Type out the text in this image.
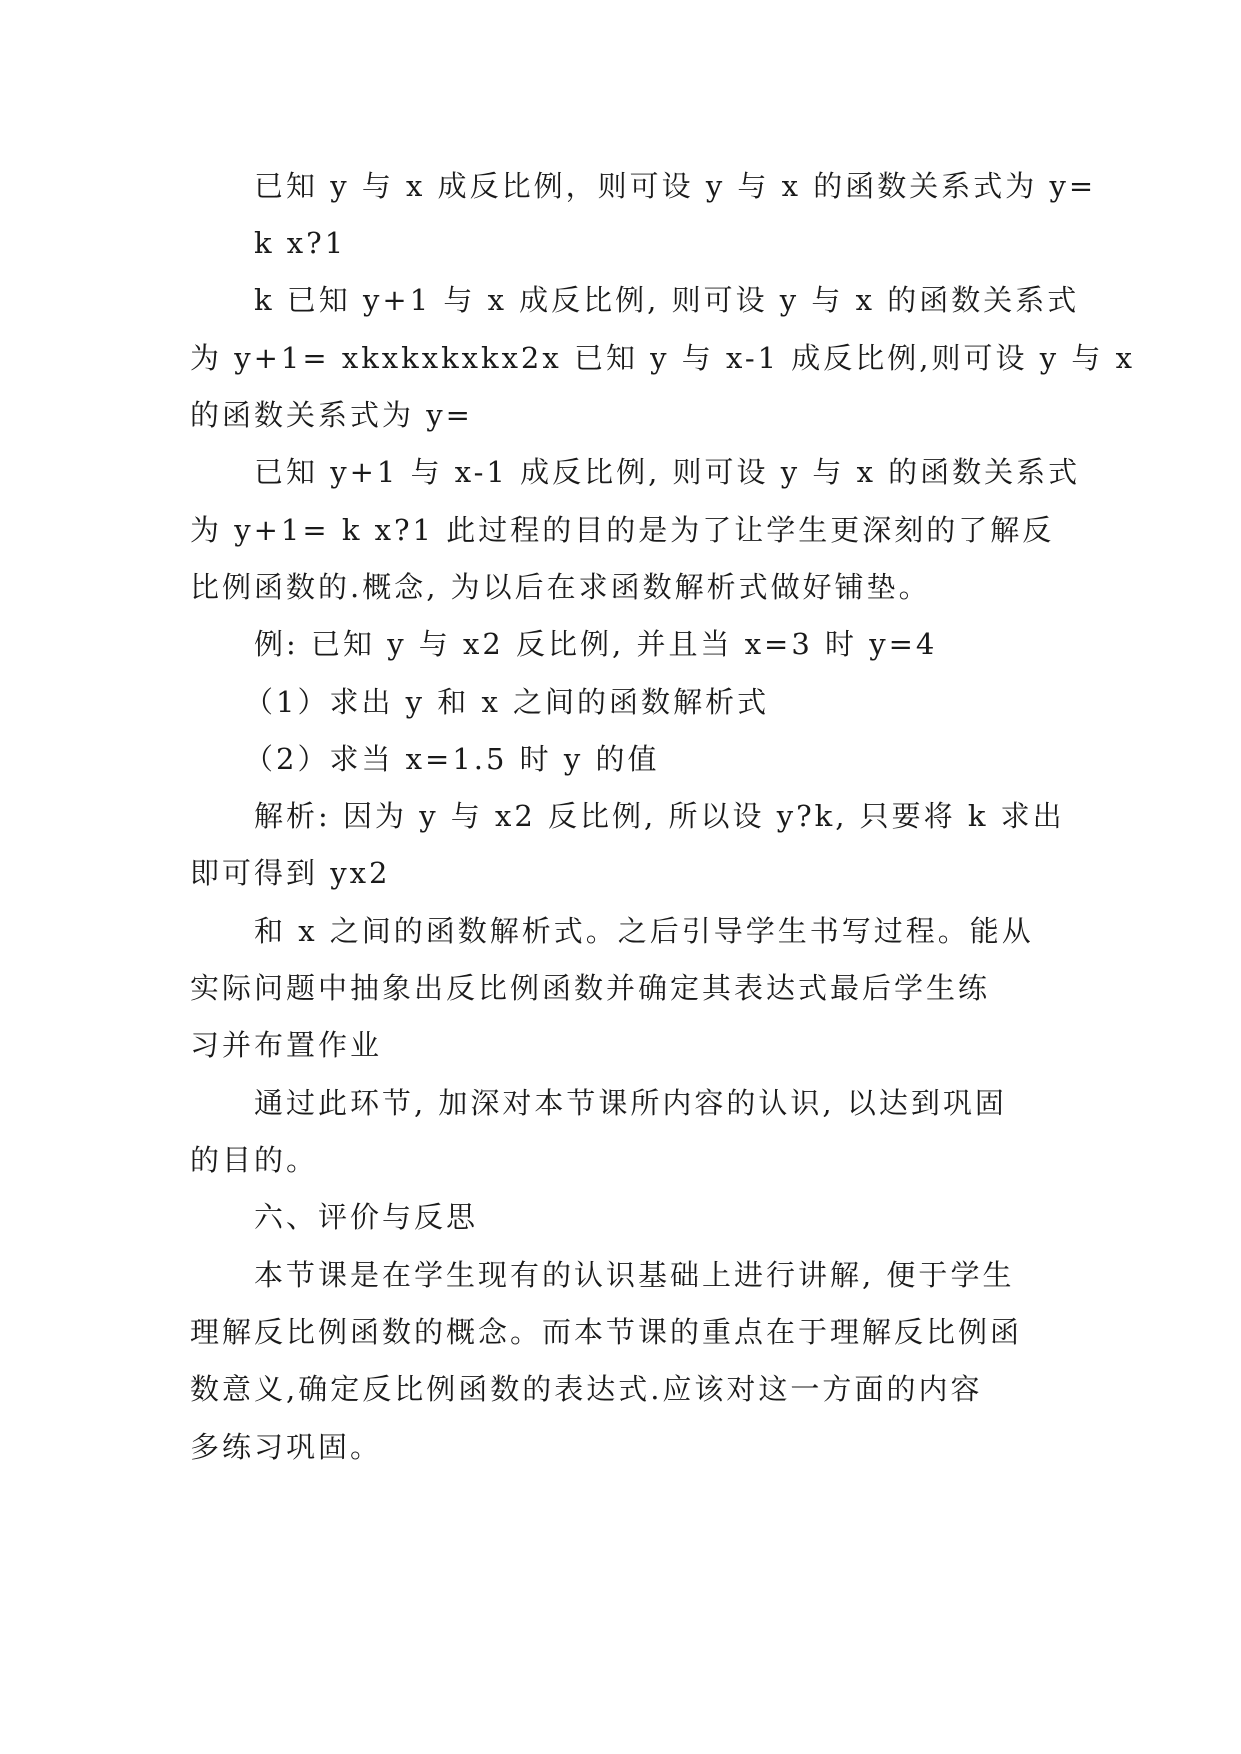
已知 y 与 x 成反比例，则可设 y 与 x 的函数关系式为 y=
k x?1
k 已知 y+1 与 x 成反比例, 则可设 y 与 x 的函数关系式
为 y+1= xkxkxkxkx2x 已知 y 与 x-1 成反比例,则可设 y 与 x
的函数关系式为 y=
已知 y+1 与 x-1 成反比例, 则可设 y 与 x 的函数关系式
为 y+1= k x?1 此过程的目的是为了让学生更深刻的了解反
比例函数的.概念, 为以后在求函数解析式做好铺垫。
例: 已知 y 与 x2 反比例, 并且当 x=3 时 y=4
（1）求出 y 和 x 之间的函数解析式
（2）求当 x=1.5 时 y 的值
解析: 因为 y 与 x2 反比例, 所以设 y?k, 只要将 k 求出
即可得到 yx2
和 x 之间的函数解析式。之后引导学生书写过程。能从
实际问题中抽象出反比例函数并确定其表达式最后学生练
习并布置作业
通过此环节, 加深对本节课所内容的认识, 以达到巩固
的目的。
六、评价与反思
本节课是在学生现有的认识基础上进行讲解, 便于学生
理解反比例函数的概念。而本节课的重点在于理解反比例函
数意义,确定反比例函数的表达式.应该对这一方面的内容
多练习巩固。
